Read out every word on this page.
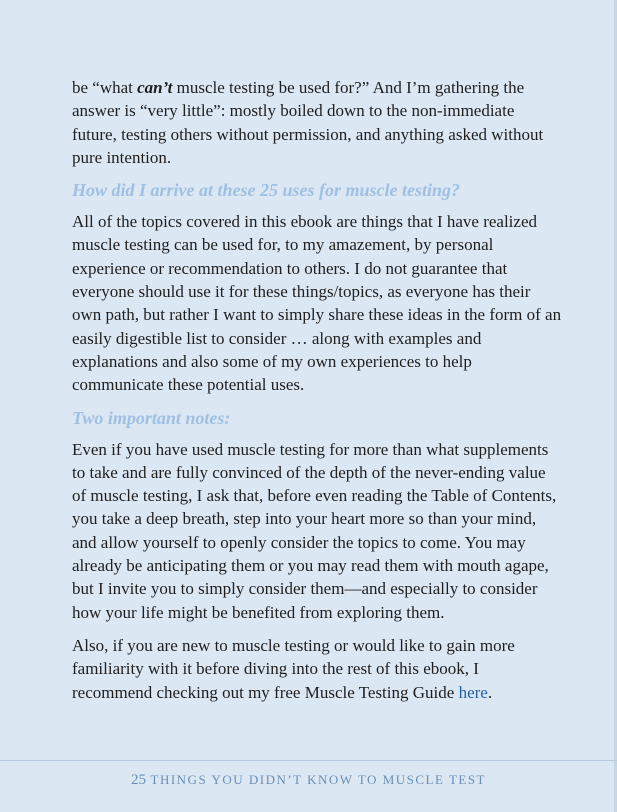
be “what can’t muscle testing be used for?” And I’m gathering the answer is “very little”: mostly boiled down to the non-immediate future, testing others without permission, and anything asked without pure intention.

How did I arrive at these 25 uses for muscle testing?

All of the topics covered in this ebook are things that I have realized muscle testing can be used for, to my amazement, by personal experience or recommendation to others. I do not guarantee that everyone should use it for these things/topics, as everyone has their own path, but rather I want to simply share these ideas in the form of an easily digestible list to consider … along with examples and explanations and also some of my own experiences to help communicate these potential uses.

Two important notes:

Even if you have used muscle testing for more than what supplements to take and are fully convinced of the depth of the never-ending value of muscle testing, I ask that, before even reading the Table of Contents, you take a deep breath, step into your heart more so than your mind, and allow yourself to openly consider the topics to come. You may already be anticipating them or you may read them with mouth agape, but I invite you to simply consider them—and especially to consider how your life might be benefited from exploring them.

Also, if you are new to muscle testing or would like to gain more familiarity with it before diving into the rest of this ebook, I recommend checking out my free Muscle Testing Guide here.

25 THINGS YOU DIDN’T KNOW TO MUSCLE TEST
